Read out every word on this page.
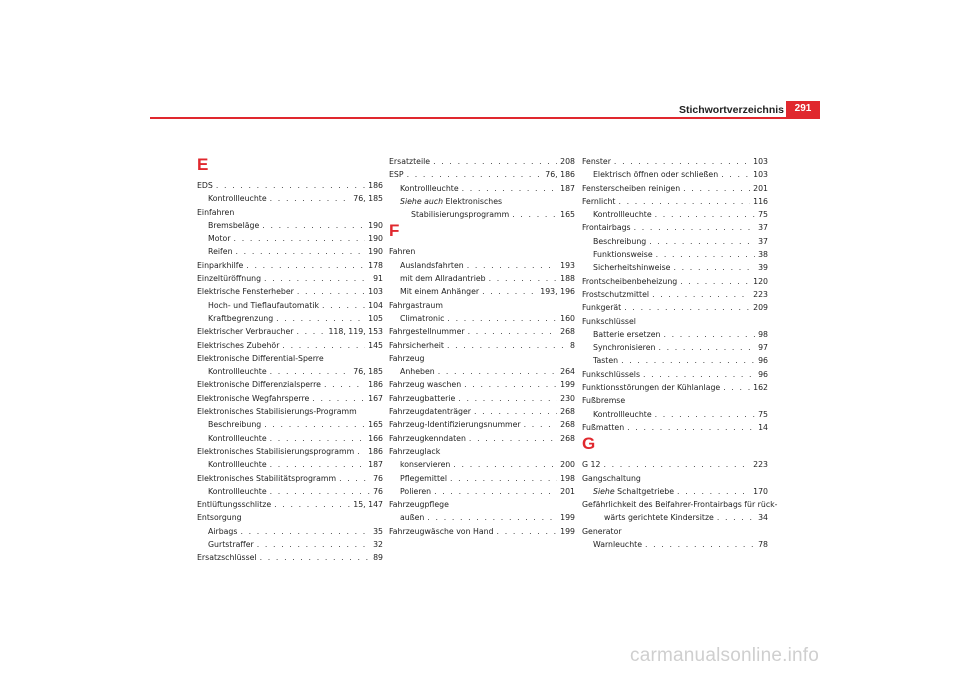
Stichwortverzeichnis	291
E
EDS . . .	186
Kontrollleuchte . . .	76, 185
Einfahren
Bremsbeläge . . .	190
Motor . . .	190
Reifen . . .	190
Einparkhilfe . . .	178
Einzeltüröffnung . . .	91
Elektrische Fensterheber . . .	103
Hoch- und Tieflaufautomatik . . .	104
Kraftbegrenzung . . .	105
Elektrischer Verbraucher . . .	118, 119, 153
Elektrisches Zubehör . . .	145
Elektronische Differential-Sperre
Kontrollleuchte . . .	76, 185
Elektronische Differenzialsperre . . .	186
Elektronische Wegfahrsperre . . .	167
Elektronisches Stabilisierungs-Programm
Beschreibung . . .	165
Kontrollleuchte . . .	166
Elektronisches Stabilisierungsprogramm . . . 186
Kontrollleuchte . . .	187
Elektronisches Stabilitätsprogramm . . .	76
Kontrollleuchte . . .	76
Entlüftungsschlitze . . .	15, 147
Entsorgung
Airbags . . .	35
Gurtstraffer . . .	32
Ersatzschlüssel . . .	89
Ersatzteile . . .	208
ESP . . .	76, 186
Kontrollleuchte . . .	187
Siehe auch Elektronisches
Stabilisierungsprogramm . . .	165
F
Fahren
Auslandsfahrten . . .	193
mit dem Allradantrieb . . .	188
Mit einem Anhänger . . .	193, 196
Fahrgastraum
Climatronic . . .	160
Fahrgestellnummer . . .	268
Fahrsicherheit . . .	8
Fahrzeug
Anheben . . .	264
Fahrzeug waschen . . .	199
Fahrzeugbatterie . . .	230
Fahrzeugdatenträger . . .	268
Fahrzeug-Identifizierungsnummer . . .	268
Fahrzeugkenndaten . . .	268
Fahrzeuglack
konservieren . . .	200
Pflegemittel . . .	198
Polieren . . .	201
Fahrzeugpflege
außen . . .	199
Fahrzeugwäsche von Hand . . .	199
Fenster . . .	103
Elektrisch öffnen oder schließen . . .	103
Fensterscheiben reinigen . . .	201
Fernlicht . . .	116
Kontrollleuchte . . .	75
Frontairbags . . .	37
Beschreibung . . .	37
Funktionsweise . . .	38
Sicherheitshinweise . . .	39
Frontscheibenbeheizung . . .	120
Frostschutzmittel . . .	223
Funkgerät . . .	209
Funkschlüssel
Batterie ersetzen . . .	98
Synchronisieren . . .	97
Tasten . . .	96
Funkschlüssels . . .	96
Funktionsstörungen der Kühlanlage . . .	162
Fußbremse
Kontrollleuchte . . .	75
Fußmatten . . .	14
G
G 12 . . .	223
Gangschaltung
Siehe Schaltgetriebe . . .	170
Gefährlichkeit des Beifahrer-Frontairbags für rück-
wärts gerichtete Kindersitze . . .	34
Generator
Warnleuchte . . .	78
carmanualsonline.info
